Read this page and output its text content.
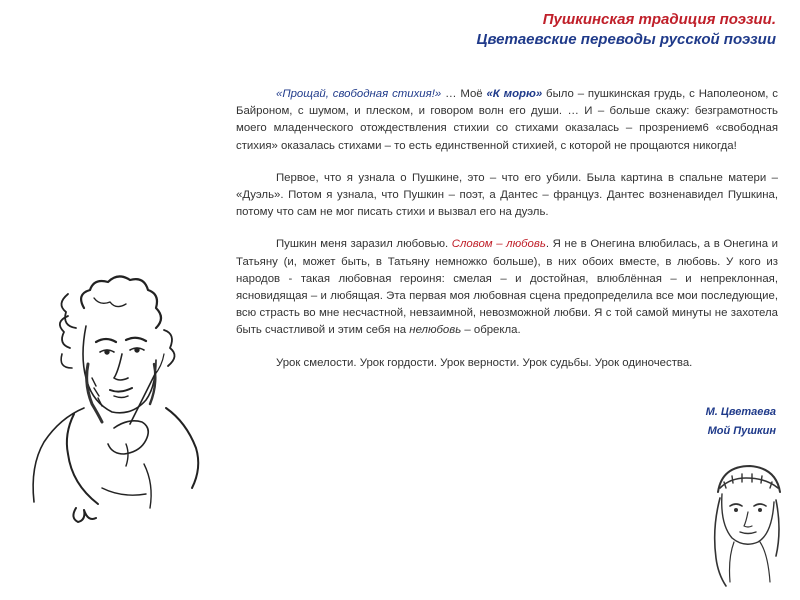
Пушкинская традиция поэзии.
Цветаевские переводы русской поэзии

«Прощай, свободная стихия!» … Моё «К морю» было – пушкинская грудь, с Наполеоном, с Байроном, с шумом, и плеском, и говором волн его души. … И – больше скажу: безграмотность моего младенческого отождествления стихии со стихами оказалась – прозрением6 «свободная стихия» оказалась стихами – то есть единственной стихией, с которой не прощаются никогда!

Первое, что я узнала о Пушкине, это – что его убили. Была картина в спальне матери – «Дуэль». Потом я узнала, что Пушкин – поэт, а Дантес – француз. Дантес возненавидел Пушкина, потому что сам не мог писать стихи и вызвал его на дуэль.

Пушкин меня заразил любовью. Словом – любовь. Я не в Онегина влюбилась, а в Онегина и Татьяну (и, может быть, в Татьяну немножко больше), в них обоих вместе, в любовь. У кого из народов - такая любовная героиня: смелая – и достойная, влюблённая – и непреклонная, ясновидящая – и любящая. Эта первая моя любовная сцена предопределила все мои последующие, всю страсть во мне несчастной, невзаимной, невозможной любви. Я с той самой минуты не захотела быть счастливой и этим себя на нелюбовь – обрекла.

Урок смелости. Урок гордости. Урок верности. Урок судьбы. Урок одиночества.

М. Цветаева
Мой Пушкин
